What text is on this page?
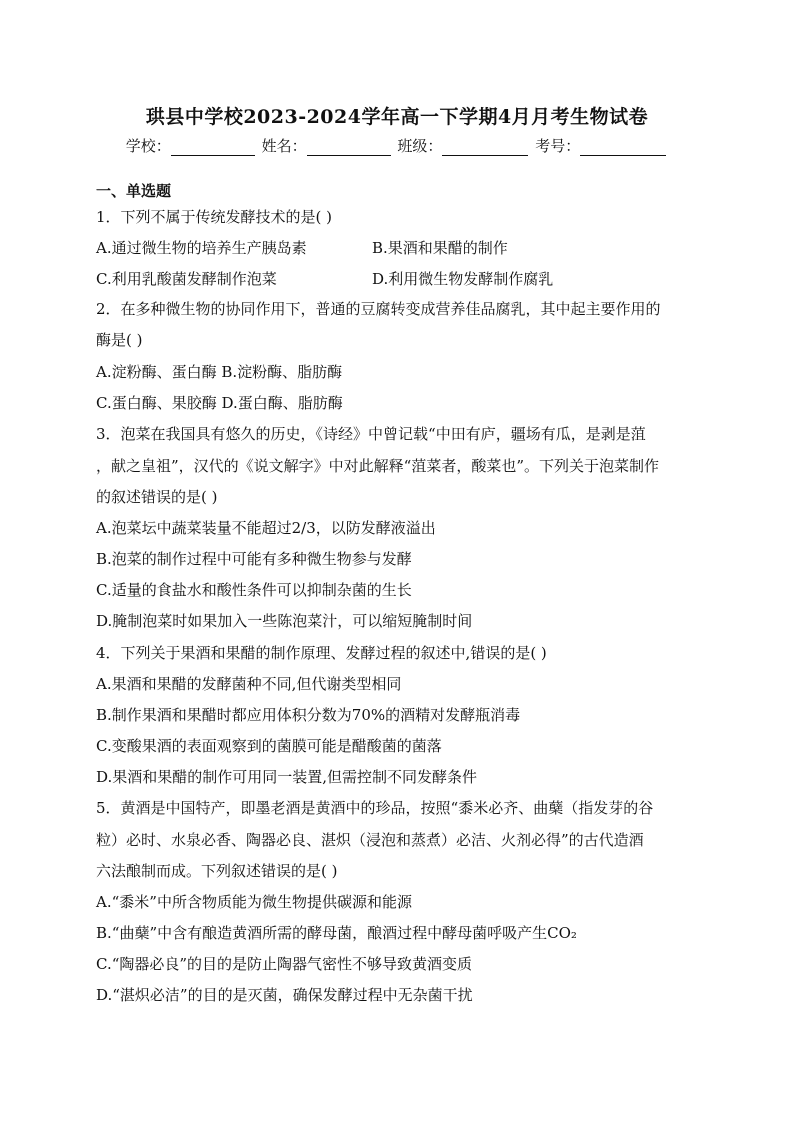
珙县中学校2023-2024学年高一下学期4月月考生物试卷
学校：	姓名：	班级：	考号：
一、单选题
1．下列不属于传统发酵技术的是( )
A.通过微生物的培养生产胰岛素	B.果酒和果醋的制作
C.利用乳酸菌发酵制作泡菜	D.利用微生物发酵制作腐乳
2．在多种微生物的协同作用下，普通的豆腐转变成营养佳品腐乳，其中起主要作用的
酶是( )
A.淀粉酶、蛋白酶 B.淀粉酶、脂肪酶
C.蛋白酶、果胶酶 D.蛋白酶、脂肪酶
3．泡菜在我国具有悠久的历史，《诗经》中曾记载“中田有庐，疆场有瓜，是剥是菹
，献之皇祖”，汉代的《说文解字》中对此解释“菹菜者，酸菜也”。下列关于泡菜制作
的叙述错误的是( )
A.泡菜坛中蔬菜装量不能超过2/3，以防发酵液溢出
B.泡菜的制作过程中可能有多种微生物参与发酵
C.适量的食盐水和酸性条件可以抑制杂菌的生长
D.腌制泡菜时如果加入一些陈泡菜汁，可以缩短腌制时间
4．下列关于果酒和果醋的制作原理、发酵过程的叙述中,错误的是( )
A.果酒和果醋的发酵菌种不同,但代谢类型相同
B.制作果酒和果醋时都应用体积分数为70%的酒精对发酵瓶消毒
C.变酸果酒的表面观察到的菌膜可能是醋酸菌的菌落
D.果酒和果醋的制作可用同一装置,但需控制不同发酵条件
5．黄酒是中国特产，即墨老酒是黄酒中的珍品，按照“黍米必齐、曲蘖（指发芽的谷
粒）必时、水泉必香、陶器必良、湛炽（浸泡和蒸煮）必洁、火剂必得”的古代造酒
六法酿制而成。下列叙述错误的是( )
A.“黍米”中所含物质能为微生物提供碳源和能源
B.“曲蘖”中含有酿造黄酒所需的酵母菌，酿酒过程中酵母菌呼吸产生CO₂
C.“陶器必良”的目的是防止陶器气密性不够导致黄酒变质
D.“湛炽必洁”的目的是灭菌，确保发酵过程中无杂菌干扰
